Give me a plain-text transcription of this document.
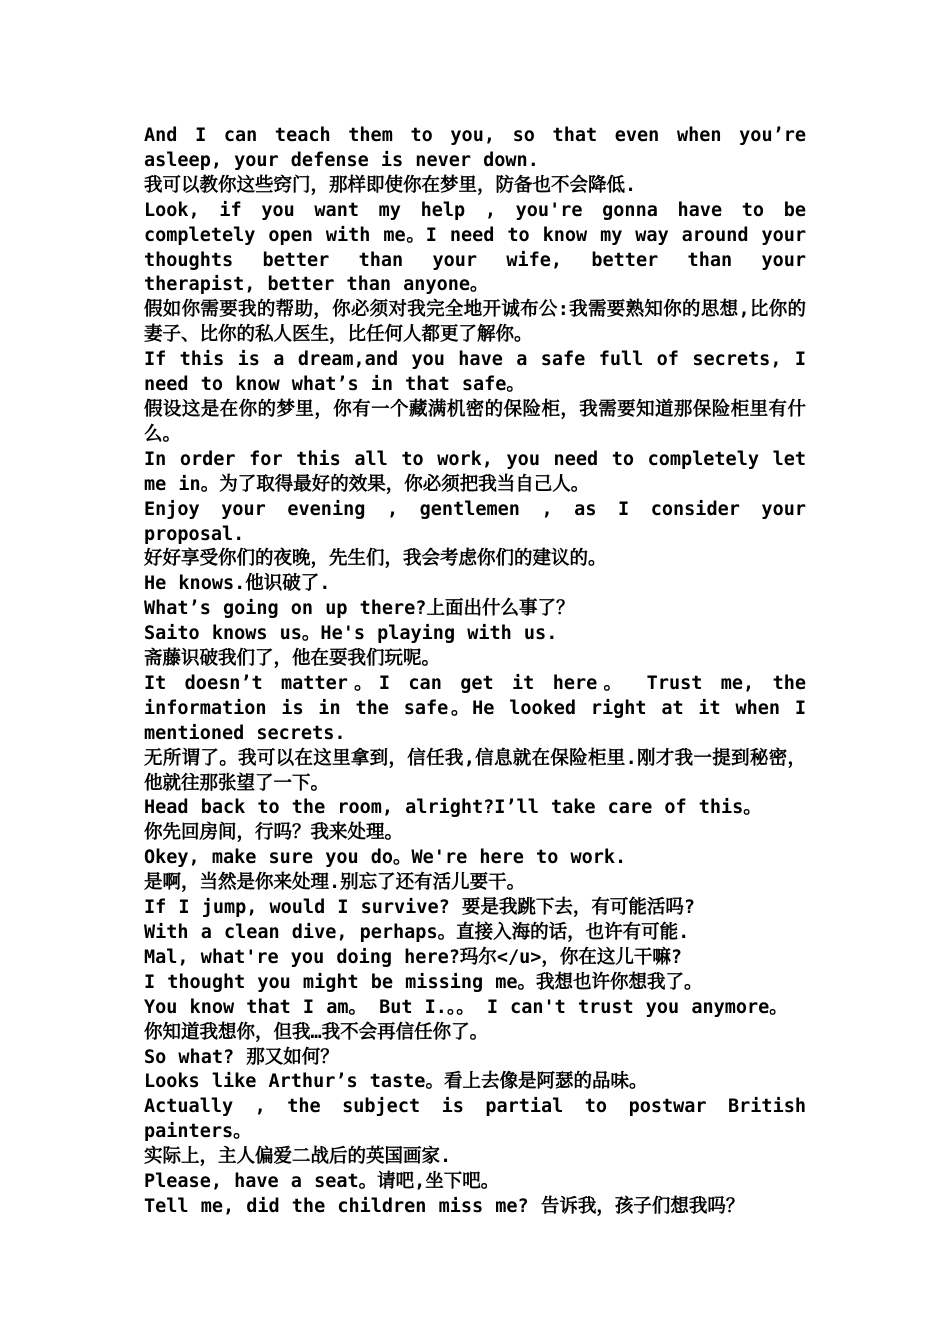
And I can teach them to you, so that even when you’re asleep, your defense is never down.

我可以教你这些窍门，那样即使你在梦里，防备也不会降低.

Look, if you want my help , you're gonna have to be completely open with me。I need to know my way around your thoughts better than your wife, better than your therapist, better than anyone。

假如你需要我的帮助，你必须对我完全地开诚布公:我需要熟知你的思想,比你的妻子、比你的私人医生，比任何人都更了解你。

If this is a dream,and you have a safe full of secrets, I need to know what’s in that safe。

假设这是在你的梦里，你有一个藏满机密的保险柜，我需要知道那保险柜里有什么。

In order for this all to work, you need to completely let me in。为了取得最好的效果，你必须把我当自己人。

Enjoy your evening , gentlemen , as I consider your proposal.

好好享受你们的夜晚，先生们，我会考虑你们的建议的。

He knows.他识破了.

What’s going on up there?上面出什么事了？

Saito knows us。He's playing with us.

斋藤识破我们了，他在耍我们玩呢。

It doesn’t matter。I can get it here。 Trust me, the information is in the safe。He looked right at it when I mentioned secrets.

无所谓了。我可以在这里拿到，信任我,信息就在保险柜里.刚才我一提到秘密，他就往那张望了一下。

Head back to the room, alright?I’ll take care of this。

你先回房间，行吗？我来处理。

Okey, make sure you do。We're here to work.

是啊，当然是你来处理.别忘了还有活儿要干。

If I jump, would I survive? 要是我跳下去，有可能活吗?

With a clean dive, perhaps。直接入海的话，也许有可能.

Mal, what're you doing here?玛尔</u>，你在这儿干嘛?

I thought you might be missing me。我想也许你想我了。

You know that I am。 But I.。。 I can't trust you anymore。

你知道我想你，但我…我不会再信任你了。

So what? 那又如何？

Looks like Arthur’s taste。看上去像是阿瑟的品味。

Actually , the subject is partial to postwar British painters。

实际上，主人偏爱二战后的英国画家.

Please, have a seat。请吧,坐下吧。

Tell me, did the children miss me? 告诉我，孩子们想我吗？
